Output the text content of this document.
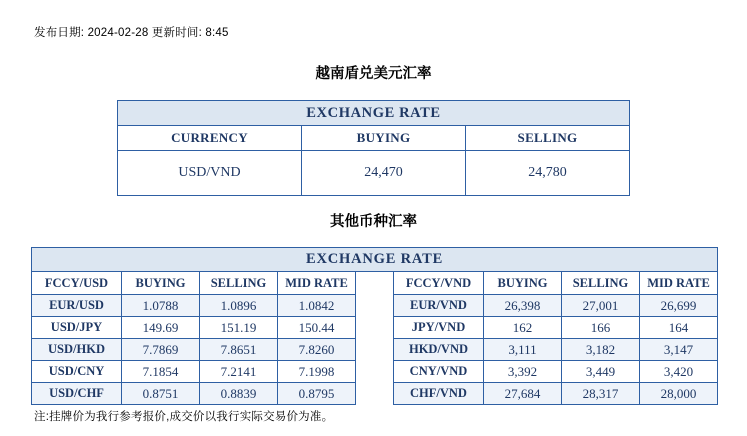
发布日期: 2024-02-28 更新时间: 8:45
越南盾兑美元汇率
EXCHANGE RATE		
CURRENCY	BUYING	SELLING
USD/VND	24,470	24,780
其他币种汇率
EXCHANGE RATE								
FCCY/USD	BUYING	SELLING	MID RATE		FCCY/VND	BUYING	SELLING	MID RATE
EUR/USD	1.0788	1.0896	1.0842		EUR/VND	26,398	27,001	26,699
USD/JPY	149.69	151.19	150.44		JPY/VND	162	166	164
USD/HKD	7.7869	7.8651	7.8260		HKD/VND	3,111	3,182	3,147
USD/CNY	7.1854	7.2141	7.1998		CNY/VND	3,392	3,449	3,420
USD/CHF	0.8751	0.8839	0.8795		CHF/VND	27,684	28,317	28,000
注:挂牌价为我行参考报价,成交价以我行实际交易价为准。
